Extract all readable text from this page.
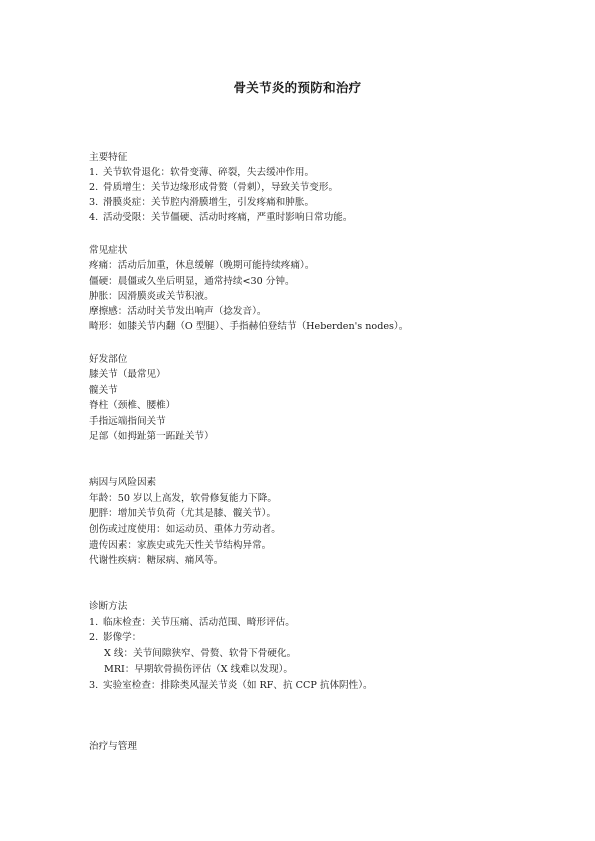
骨关节炎的预防和治疗
主要特征
1. 关节软骨退化：软骨变薄、碎裂，失去缓冲作用。
2. 骨质增生：关节边缘形成骨赘（骨刺），导致关节变形。
3. 滑膜炎症：关节腔内滑膜增生，引发疼痛和肿胀。
4. 活动受限：关节僵硬、活动时疼痛，严重时影响日常功能。
常见症状
疼痛：活动后加重，休息缓解（晚期可能持续疼痛）。
僵硬：晨僵或久坐后明显，通常持续<30 分钟。
肿胀：因滑膜炎或关节积液。
摩擦感：活动时关节发出响声（捻发音）。
畸形：如膝关节内翻（O 型腿）、手指赫伯登结节（Heberden's nodes）。
好发部位
膝关节（最常见）
髋关节
脊柱（颈椎、腰椎）
手指远端指间关节
足部（如拇趾第一跖趾关节）
病因与风险因素
年龄：50 岁以上高发，软骨修复能力下降。
肥胖：增加关节负荷（尤其是膝、髋关节）。
创伤或过度使用：如运动员、重体力劳动者。
遗传因素：家族史或先天性关节结构异常。
代谢性疾病：糖尿病、痛风等。
诊断方法
1. 临床检查：关节压痛、活动范围、畸形评估。
2. 影像学：
X 线：关节间隙狭窄、骨赘、软骨下骨硬化。
MRI：早期软骨损伤评估（X 线难以发现）。
3. 实验室检查：排除类风湿关节炎（如 RF、抗 CCP 抗体阴性）。
治疗与管理
